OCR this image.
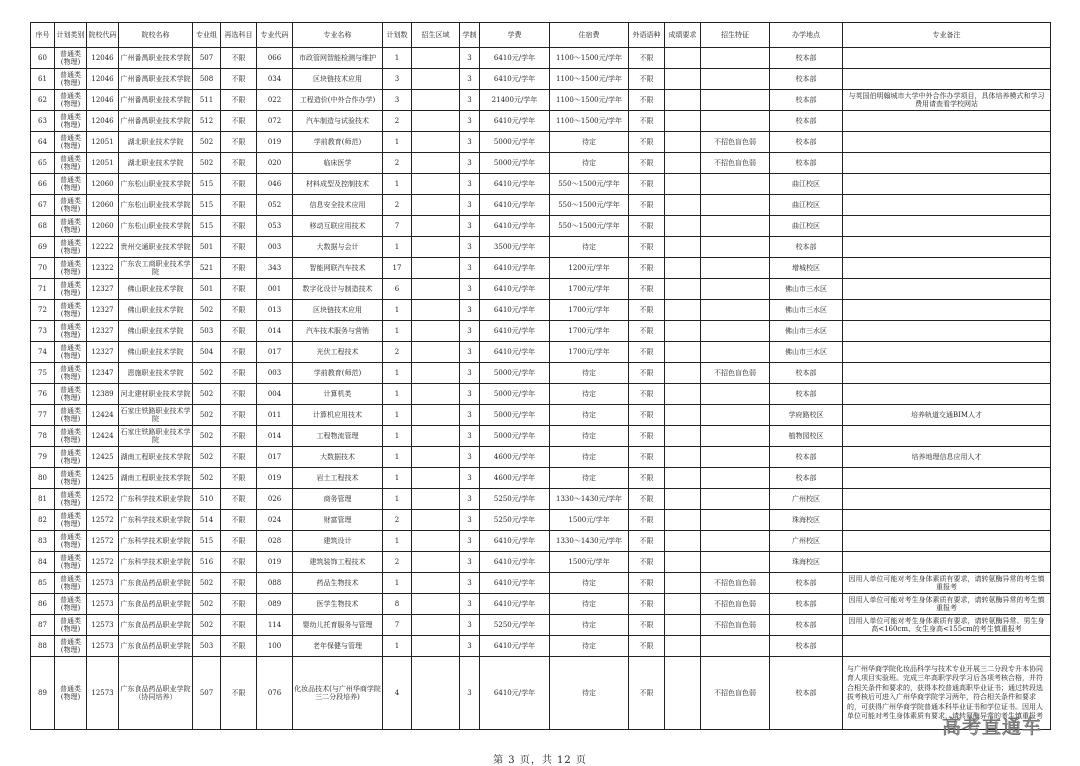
序号	计划类别	院校代码	院校名称	专业组	再选科目	专业代码	专业名称	计划数	招生区域	学制	学费	住宿费	外语语种	成绩要求	招生特征	办学地点	专业备注
60	普通类(物理)	12046	广州番禺职业技术学院	507	不限	066	市政管网智能检测与维护	1		3	6410元/学年	1100～1500元/学年	不限			校本部	
61	普通类(物理)	12046	广州番禺职业技术学院	508	不限	034	区块链技术应用	3		3	6410元/学年	1100～1500元/学年	不限			校本部	
62	普通类(物理)	12046	广州番禺职业技术学院	511	不限	022	工程造价(中外合作办学)	3		3	21400元/学年	1100～1500元/学年	不限			校本部	与英国伯明翰城市大学中外合作办学项目，具体培养模式和学习费用请查看学校网站
63	普通类(物理)	12046	广州番禺职业技术学院	512	不限	072	汽车制造与试验技术	2		3	6410元/学年	1100～1500元/学年	不限			校本部	
64	普通类(物理)	12051	湖北职业技术学院	502	不限	019	学前教育(师范)	1		3	5000元/学年	待定	不限		不招色盲色弱	校本部	
65	普通类(物理)	12051	湖北职业技术学院	502	不限	020	临床医学	2		3	5000元/学年	待定	不限		不招色盲色弱	校本部	
66	普通类(物理)	12060	广东松山职业技术学院	515	不限	046	材料成型及控制技术	1		3	6410元/学年	550～1500元/学年	不限			曲江校区	
67	普通类(物理)	12060	广东松山职业技术学院	515	不限	052	信息安全技术应用	2		3	6410元/学年	550～1500元/学年	不限			曲江校区	
68	普通类(物理)	12060	广东松山职业技术学院	515	不限	053	移动互联应用技术	7		3	6410元/学年	550～1500元/学年	不限			曲江校区	
69	普通类(物理)	12222	贵州交通职业技术学院	501	不限	003	大数据与会计	1		3	3500元/学年	待定	不限			校本部	
70	普通类(物理)	12322	广东农工商职业技术学院	521	不限	343	智能网联汽车技术	17		3	6410元/学年	1200元/学年	不限			增城校区	
71	普通类(物理)	12327	佛山职业技术学院	501	不限	001	数字化设计与制造技术	6		3	6410元/学年	1700元/学年	不限			佛山市三水区	
72	普通类(物理)	12327	佛山职业技术学院	502	不限	013	区块链技术应用	1		3	6410元/学年	1700元/学年	不限			佛山市三水区	
73	普通类(物理)	12327	佛山职业技术学院	503	不限	014	汽车技术服务与营销	1		3	6410元/学年	1700元/学年	不限			佛山市三水区	
74	普通类(物理)	12327	佛山职业技术学院	504	不限	017	光伏工程技术	2		3	6410元/学年	1700元/学年	不限			佛山市三水区	
75	普通类(物理)	12347	恩施职业技术学院	502	不限	003	学前教育(师范)	1		3	5000元/学年	待定	不限		不招色盲色弱	校本部	
76	普通类(物理)	12389	河北建材职业技术学院	502	不限	004	计算机类	1		3	5000元/学年	待定	不限			校本部	
77	普通类(物理)	12424	石家庄铁路职业技术学院	502	不限	011	计算机应用技术	1		3	5000元/学年	待定	不限			学府路校区	培养轨道交通BIM人才
78	普通类(物理)	12424	石家庄铁路职业技术学院	502	不限	014	工程物流管理	1		3	5000元/学年	待定	不限			植物园校区	
79	普通类(物理)	12425	湖南工程职业技术学院	502	不限	017	大数据技术	1		3	4600元/学年	待定	不限			校本部	培养地理信息应用人才
80	普通类(物理)	12425	湖南工程职业技术学院	502	不限	019	岩土工程技术	1		3	4600元/学年	待定	不限			校本部	
81	普通类(物理)	12572	广东科学技术职业学院	510	不限	026	商务管理	1		3	5250元/学年	1330～1430元/学年	不限			广州校区	
82	普通类(物理)	12572	广东科学技术职业学院	514	不限	024	财富管理	2		3	5250元/学年	1500元/学年	不限			珠海校区	
83	普通类(物理)	12572	广东科学技术职业学院	515	不限	028	建筑设计	1		3	6410元/学年	1330～1430元/学年	不限			广州校区	
84	普通类(物理)	12572	广东科学技术职业学院	516	不限	019	建筑装饰工程技术	2		3	6410元/学年	1500元/学年	不限			珠海校区	
85	普通类(物理)	12573	广东食品药品职业学院	502	不限	088	药品生物技术	1		3	6410元/学年	待定	不限		不招色盲色弱	校本部	因用人单位可能对考生身体素质有要求，请转氨酶异常的考生慎重报考
86	普通类(物理)	12573	广东食品药品职业学院	502	不限	089	医学生物技术	8		3	6410元/学年	待定	不限		不招色盲色弱	校本部	因用人单位可能对考生身体素质有要求，请转氨酶异常的考生慎重报考
87	普通类(物理)	12573	广东食品药品职业学院	502	不限	114	婴幼儿托育服务与管理	7		3	5250元/学年	待定	不限		不招色盲色弱	校本部	因用人单位可能对考生身体素质有要求，请转氨酶异常、男生身高<160cm、女生身高<155cm的考生慎重报考
88	普通类(物理)	12573	广东食品药品职业学院	503	不限	100	老年保健与管理	1		3	6410元/学年	待定	不限			校本部	
89	普通类(物理)	12573	广东食品药品职业学院（协同培养）	507	不限	076	化妆品技术(与广州华商学院三二分段培养)	4		3	6410元/学年	待定	不限		不招色盲色弱	校本部	与广州华商学院化妆品科学与技术专业开展三二分段专升本协同育人项目实验班。完成三年高职学段学习后各项考核合格，并符合相关条件和要求的，获得本校普通高职毕业证书；通过转段选拔考核后可进入广州华商学院学习两年，符合相关条件和要求的，可获得广州华商学院普通本科毕业证书和学位证书。因用人单位可能对考生身体素质有要求，请转氨酶异常的考生慎重报考
第 3 页，共 12 页
高考直通车
